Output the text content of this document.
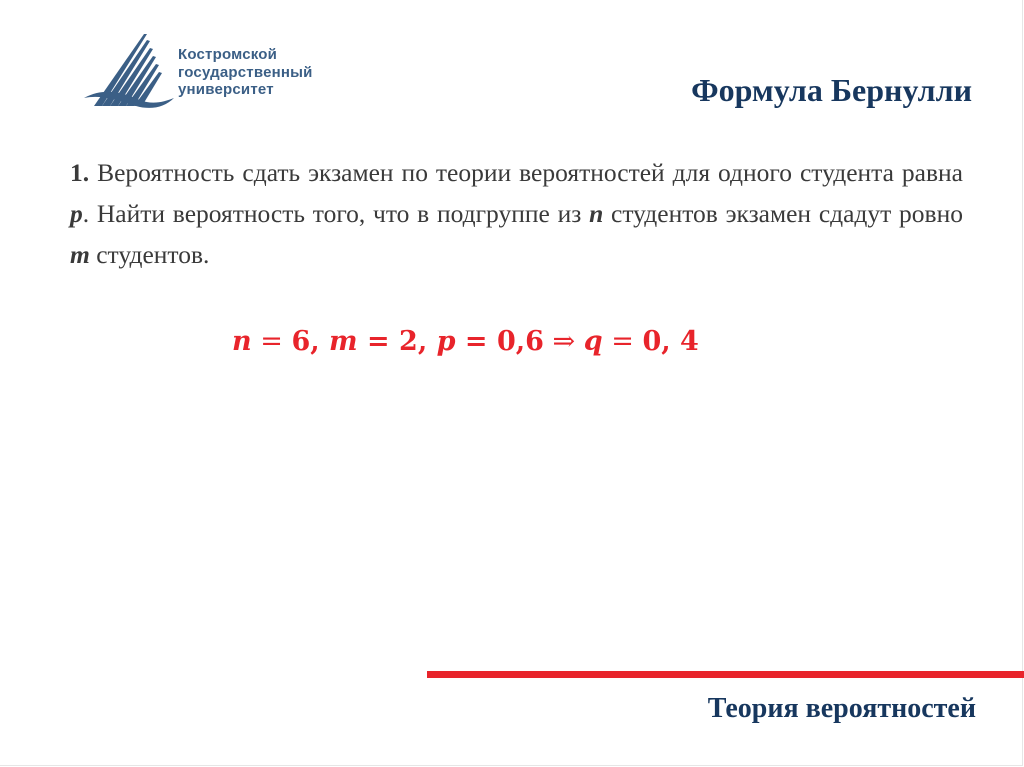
Костромской
государственный
университет	Формула Бернулли
1. Вероятность сдать экзамен по теории вероятностей для одного студента равна p. Найти вероятность того, что в подгруппе из n студентов экзамен сдадут ровно m студентов.
n = 6, m = 2, p = 0,6 ⇒ q = 0, 4
Теория вероятностей
